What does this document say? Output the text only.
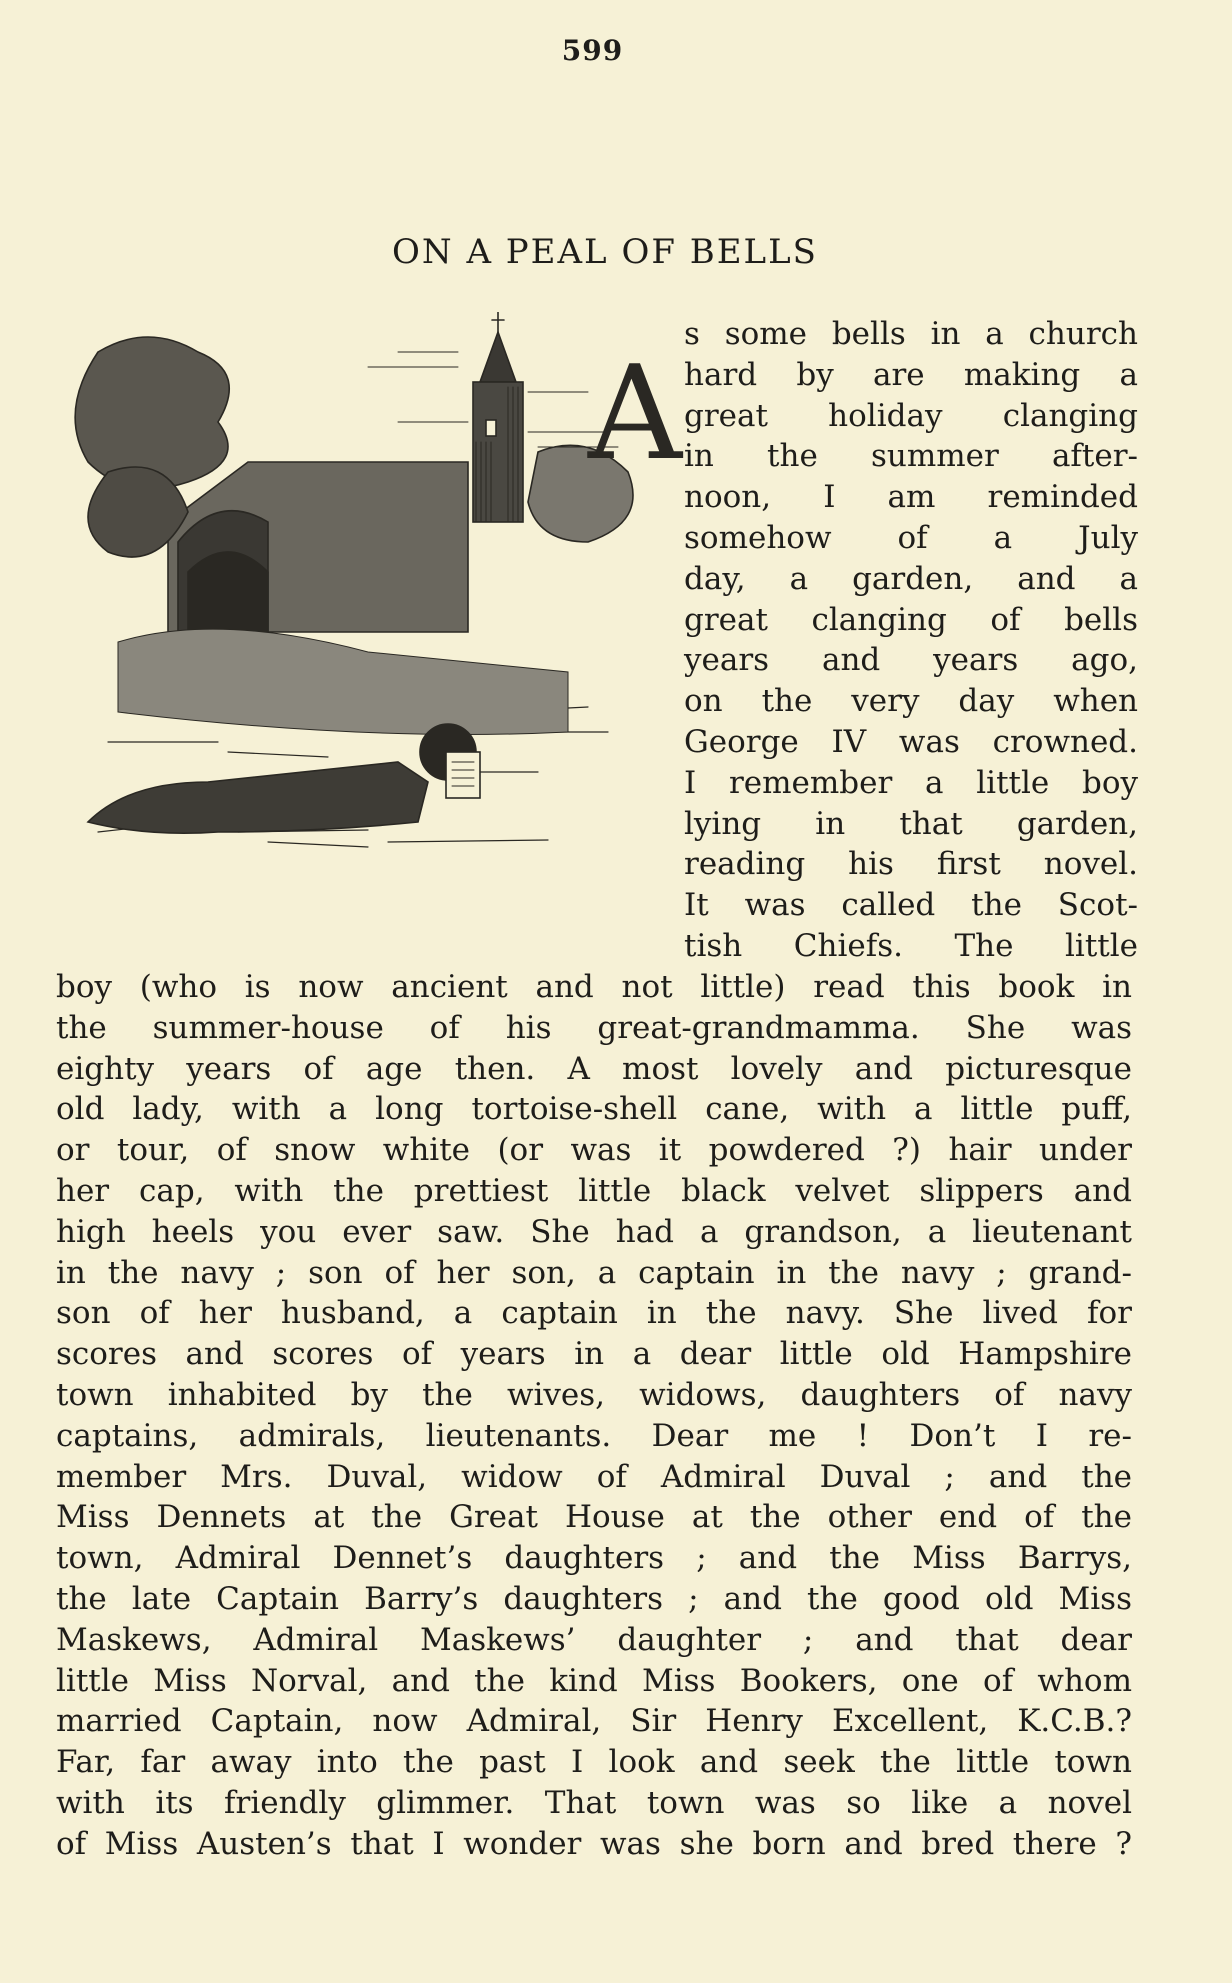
599
ON A PEAL OF BELLS
A
s some bells in a church
hard by are making a
great holiday clanging
in the summer after-
noon, I am reminded
somehow of a July
day, a garden, and a
great clanging of bells
years and years ago,
on the very day when
George IV was crowned.
I remember a little boy
lying in that garden,
reading his first novel.
It was called the Scot-
tish Chiefs. The little
boy (who is now ancient and not little) read this book in
the summer-house of his great-grandmamma. She was
eighty years of age then. A most lovely and picturesque
old lady, with a long tortoise-shell cane, with a little puff,
or tour, of snow white (or was it powdered ?) hair under
her cap, with the prettiest little black velvet slippers and
high heels you ever saw. She had a grandson, a lieutenant
in the navy ; son of her son, a captain in the navy ; grand-
son of her husband, a captain in the navy. She lived for
scores and scores of years in a dear little old Hampshire
town inhabited by the wives, widows, daughters of navy
captains, admirals, lieutenants. Dear me ! Don’t I re-
member Mrs. Duval, widow of Admiral Duval ; and the
Miss Dennets at the Great House at the other end of the
town, Admiral Dennet’s daughters ; and the Miss Barrys,
the late Captain Barry’s daughters ; and the good old Miss
Maskews, Admiral Maskews’ daughter ; and that dear
little Miss Norval, and the kind Miss Bookers, one of whom
married Captain, now Admiral, Sir Henry Excellent, K.C.B.?
Far, far away into the past I look and seek the little town
with its friendly glimmer. That town was so like a novel
of Miss Austen’s that I wonder was she born and bred there ?
